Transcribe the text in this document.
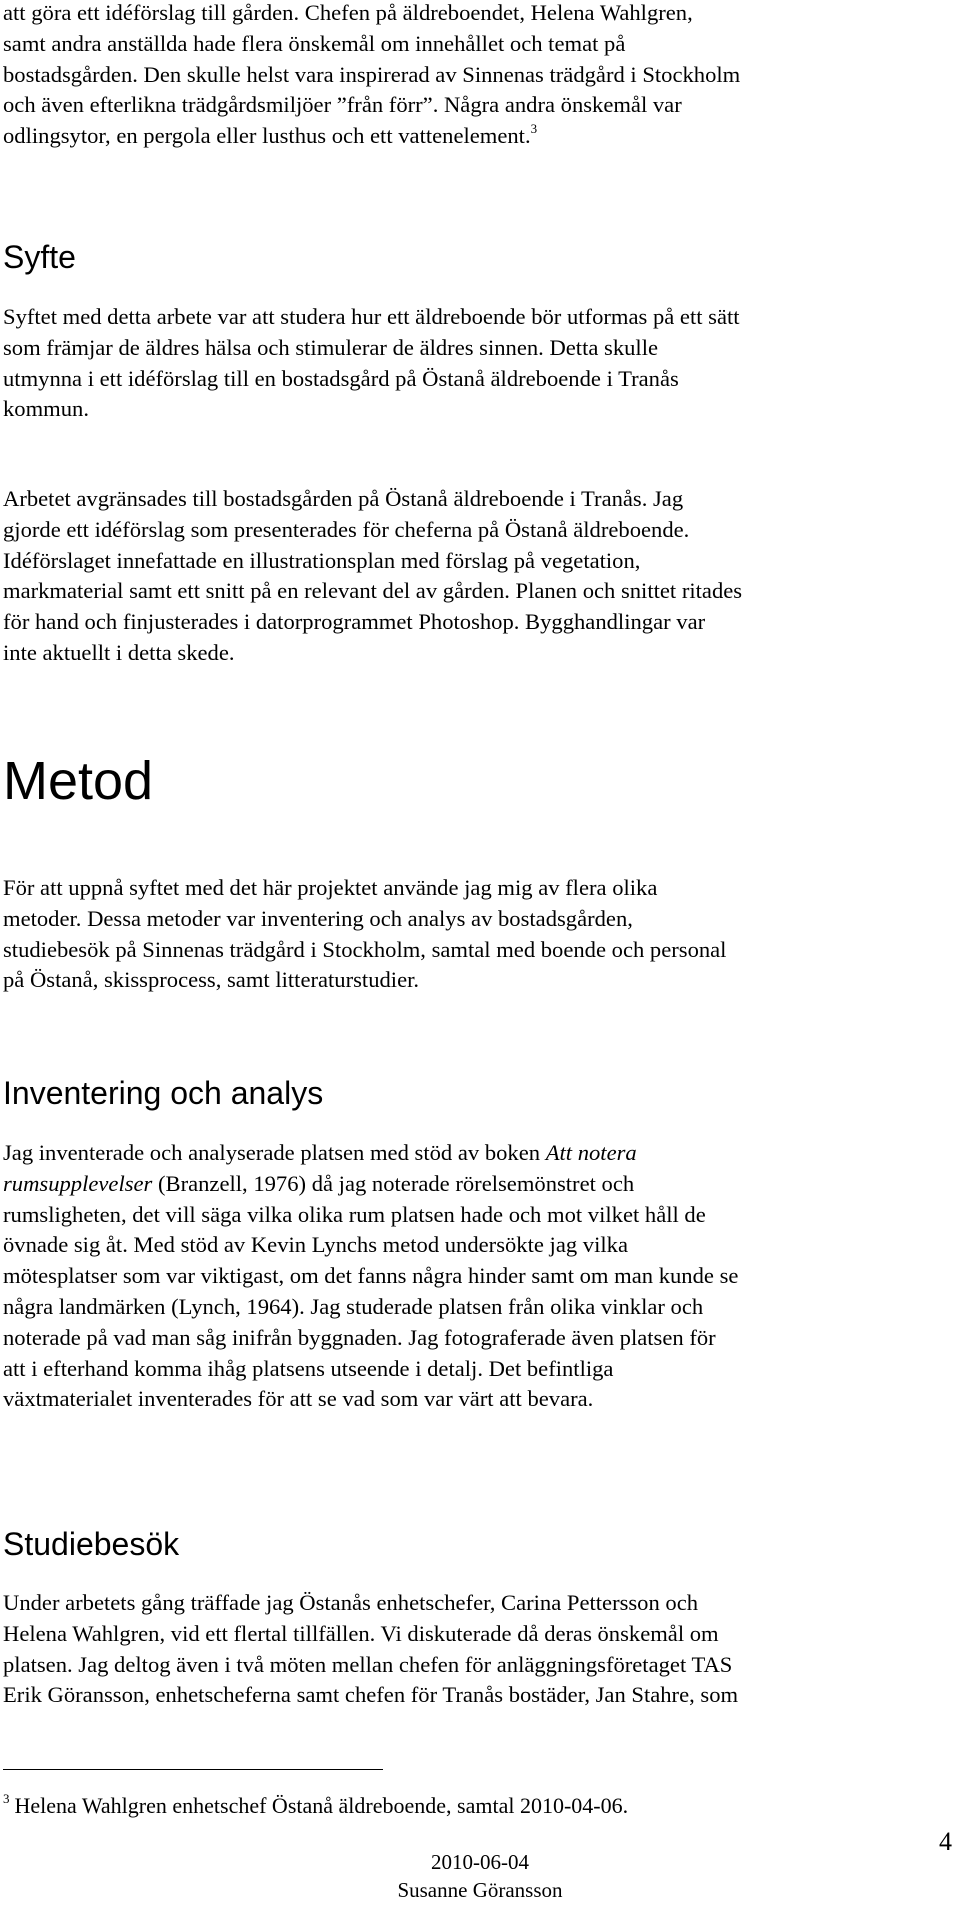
att göra ett idéförslag till gården. Chefen på äldreboendet, Helena Wahlgren,
samt andra anställda hade flera önskemål om innehållet och temat på
bostadsgården. Den skulle helst vara inspirerad av Sinnenas trädgård i Stockholm
och även efterlikna trädgårdsmiljöer ”från förr”. Några andra önskemål var
odlingsytor, en pergola eller lusthus och ett vattenelement.$^3$

Syfte

Syftet med detta arbete var att studera hur ett äldreboende bör utformas på ett sätt
som främjar de äldres hälsa och stimulerar de äldres sinnen. Detta skulle
utmynna i ett idéförslag till en bostadsgård på Östanå äldreboende i Tranås
kommun.

Arbetet avgränsades till bostadsgården på Östanå äldreboende i Tranås. Jag
gjorde ett idéförslag som presenterades för cheferna på Östanå äldreboende.
Idéförslaget innefattade en illustrationsplan med förslag på vegetation,
markmaterial samt ett snitt på en relevant del av gården. Planen och snittet ritades
för hand och finjusterades i datorprogrammet Photoshop. Bygghandlingar var
inte aktuellt i detta skede.

Metod

För att uppnå syftet med det här projektet använde jag mig av flera olika
metoder. Dessa metoder var inventering och analys av bostadsgården,
studiebesök på Sinnenas trädgård i Stockholm, samtal med boende och personal
på Östanå, skissprocess, samt litteraturstudier.

Inventering och analys

Jag inventerade och analyserade platsen med stöd av boken Att notera
rumsupplevelser (Branzell, 1976) då jag noterade rörelsemönstret och
rumsligheten, det vill säga vilka olika rum platsen hade och mot vilket håll de
övnade sig åt. Med stöd av Kevin Lynchs metod undersökte jag vilka
mötesplatser som var viktigast, om det fanns några hinder samt om man kunde se
några landmärken (Lynch, 1964). Jag studerade platsen från olika vinklar och
noterade på vad man såg inifrån byggnaden. Jag fotograferade även platsen för
att i efterhand komma ihåg platsens utseende i detalj. Det befintliga
växtmaterialet inventerades för att se vad som var värt att bevara.

Studiebesök

Under arbetets gång träffade jag Östanås enhetschefer, Carina Pettersson och
Helena Wahlgren, vid ett flertal tillfällen. Vi diskuterade då deras önskemål om
platsen. Jag deltog även i två möten mellan chefen för anläggningsföretaget TAS
Erik Göransson, enhetscheferna samt chefen för Tranås bostäder, Jan Stahre, som

$^3$ Helena Wahlgren enhetschef Östanå äldreboende, samtal 2010-04-06.

4

2010-06-04

Susanne Göransson
